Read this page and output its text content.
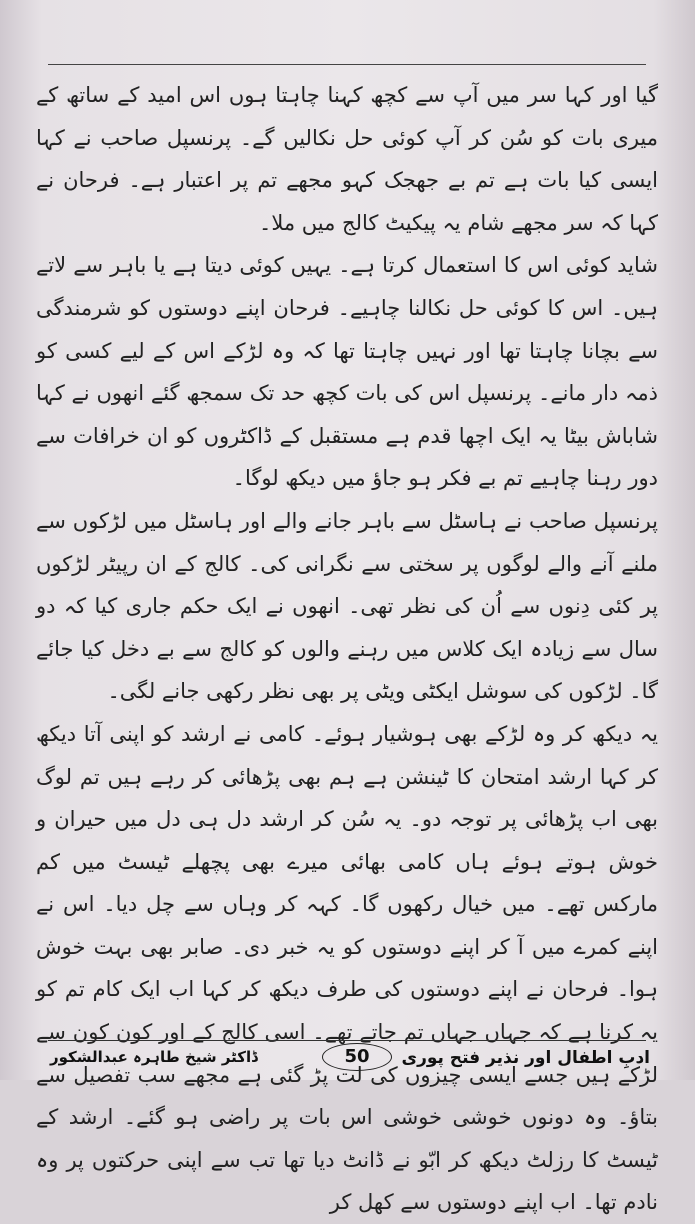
گیا اور کہا سر میں آپ سے کچھ کہنا چاہتا ہوں اس امید کے ساتھ کے میری بات کو سُن کر آپ کوئی حل نکالیں گے۔ پرنسپل صاحب نے کہا ایسی کیا بات ہے تم بے جھجک کہو مجھے تم پر اعتبار ہے۔ فرحان نے کہا کہ سر مجھے شام یہ پیکیٹ کالج میں ملا۔

شاید کوئی اس کا استعمال کرتا ہے۔ یہیں کوئی دیتا ہے یا باہر سے لاتے ہیں۔ اس کا کوئی حل نکالنا چاہیے۔ فرحان اپنے دوستوں کو شرمندگی سے بچانا چاہتا تھا اور نہیں چاہتا تھا کہ وہ لڑکے اس کے لیے کسی کو ذمہ دار مانے۔ پرنسپل اس کی بات کچھ حد تک سمجھ گئے انھوں نے کہا شاباش بیٹا یہ ایک اچھا قدم ہے مستقبل کے ڈاکٹروں کو ان خرافات سے دور رہنا چاہیے تم بے فکر ہو جاؤ میں دیکھ لوگا۔

پرنسپل صاحب نے ہاسٹل سے باہر جانے والے اور ہاسٹل میں لڑکوں سے ملنے آنے والے لوگوں پر سختی سے نگرانی کی۔ کالج کے ان رپیٹر لڑکوں پر کئی دِنوں سے اُن کی نظر تھی۔ انھوں نے ایک حکم جاری کیا کہ دو سال سے زیادہ ایک کلاس میں رہنے والوں کو کالج سے بے دخل کیا جائے گا۔ لڑکوں کی سوشل ایکٹی ویٹی پر بھی نظر رکھی جانے لگی۔

یہ دیکھ کر وہ لڑکے بھی ہوشیار ہوئے۔ کامی نے ارشد کو اپنی آتا دیکھ کر کہا ارشد امتحان کا ٹینشن ہے ہم بھی پڑھائی کر رہے ہیں تم لوگ بھی اب پڑھائی پر توجہ دو۔ یہ سُن کر ارشد دل ہی دل میں حیران و خوش ہوتے ہوئے ہاں کامی بھائی میرے بھی پچھلے ٹیسٹ میں کم مارکس تھے۔ میں خیال رکھوں گا۔ کہہ کر وہاں سے چل دیا۔ اس نے اپنے کمرے میں آ کر اپنے دوستوں کو یہ خبر دی۔ صابر بھی بہت خوش ہوا۔ فرحان نے اپنے دوستوں کی طرف دیکھ کر کہا اب ایک کام تم کو یہ کرنا ہے کہ جہاں جہاں تم جاتے تھے۔ اسی کالج کے اور کون کون سے لڑکے ہیں جسے ایسی چیزوں کی لت پڑ گئی ہے مجھے سب تفصیل سے بتاؤ۔ وہ دونوں خوشی خوشی اس بات پر راضی ہو گئے۔ ارشد کے ٹیسٹ کا رزلٹ دیکھ کر ابّو نے ڈانٹ دیا تھا تب سے اپنی حرکتوں پر وہ نادم تھا۔ اب اپنے دوستوں سے کھل کر

ادبِ اطفال اور نذیر فتح پوری
50
ڈاکٹر شیخ طاہرہ عبدالشکور
